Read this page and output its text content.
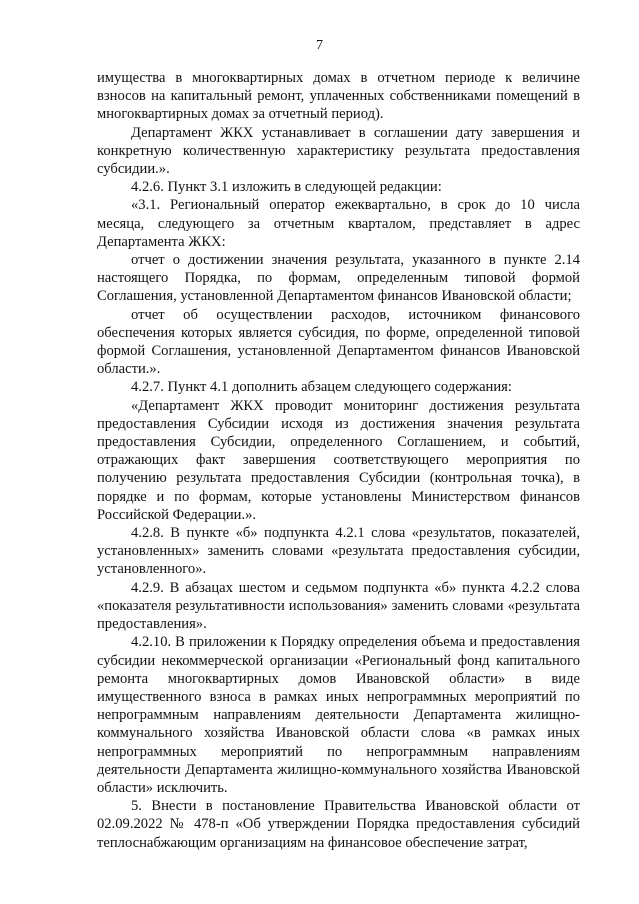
7

имущества в многоквартирных домах в отчетном периоде к величине взносов на капитальный ремонт, уплаченных собственниками помещений в многоквартирных домах за отчетный период).

Департамент ЖКХ устанавливает в соглашении дату завершения и конкретную количественную характеристику результата предоставления субсидии.».

4.2.6. Пункт 3.1 изложить в следующей редакции:

«3.1. Региональный оператор ежеквартально, в срок до 10 числа месяца, следующего за отчетным кварталом, представляет в адрес Департамента ЖКХ:

отчет о достижении значения результата, указанного в пункте 2.14 настоящего Порядка, по формам, определенным типовой формой Соглашения, установленной Департаментом финансов Ивановской области;

отчет об осуществлении расходов, источником финансового обеспечения которых является субсидия, по форме, определенной типовой формой Соглашения, установленной Департаментом финансов Ивановской области.».

4.2.7. Пункт 4.1 дополнить абзацем следующего содержания:

«Департамент ЖКХ проводит мониторинг достижения результата предоставления Субсидии исходя из достижения значения результата предоставления Субсидии, определенного Соглашением, и событий, отражающих факт завершения соответствующего мероприятия по получению результата предоставления Субсидии (контрольная точка), в порядке и по формам, которые установлены Министерством финансов Российской Федерации.».

4.2.8. В пункте «б» подпункта 4.2.1 слова «результатов, показателей, установленных» заменить словами «результата предоставления субсидии, установленного».

4.2.9. В абзацах шестом и седьмом подпункта «б» пункта 4.2.2 слова «показателя результативности использования» заменить словами «результата предоставления».

4.2.10. В приложении к Порядку определения объема и предоставления субсидии некоммерческой организации «Региональный фонд капитального ремонта многоквартирных домов Ивановской области» в виде имущественного взноса в рамках иных непрограммных мероприятий по непрограммным направлениям деятельности Департамента жилищно-коммунального хозяйства Ивановской области слова «в рамках иных непрограммных мероприятий по непрограммным направлениям деятельности Департамента жилищно-коммунального хозяйства Ивановской области» исключить.

5. Внести в постановление Правительства Ивановской области от 02.09.2022 № 478-п «Об утверждении Порядка предоставления субсидий теплоснабжающим организациям на финансовое обеспечение затрат,
